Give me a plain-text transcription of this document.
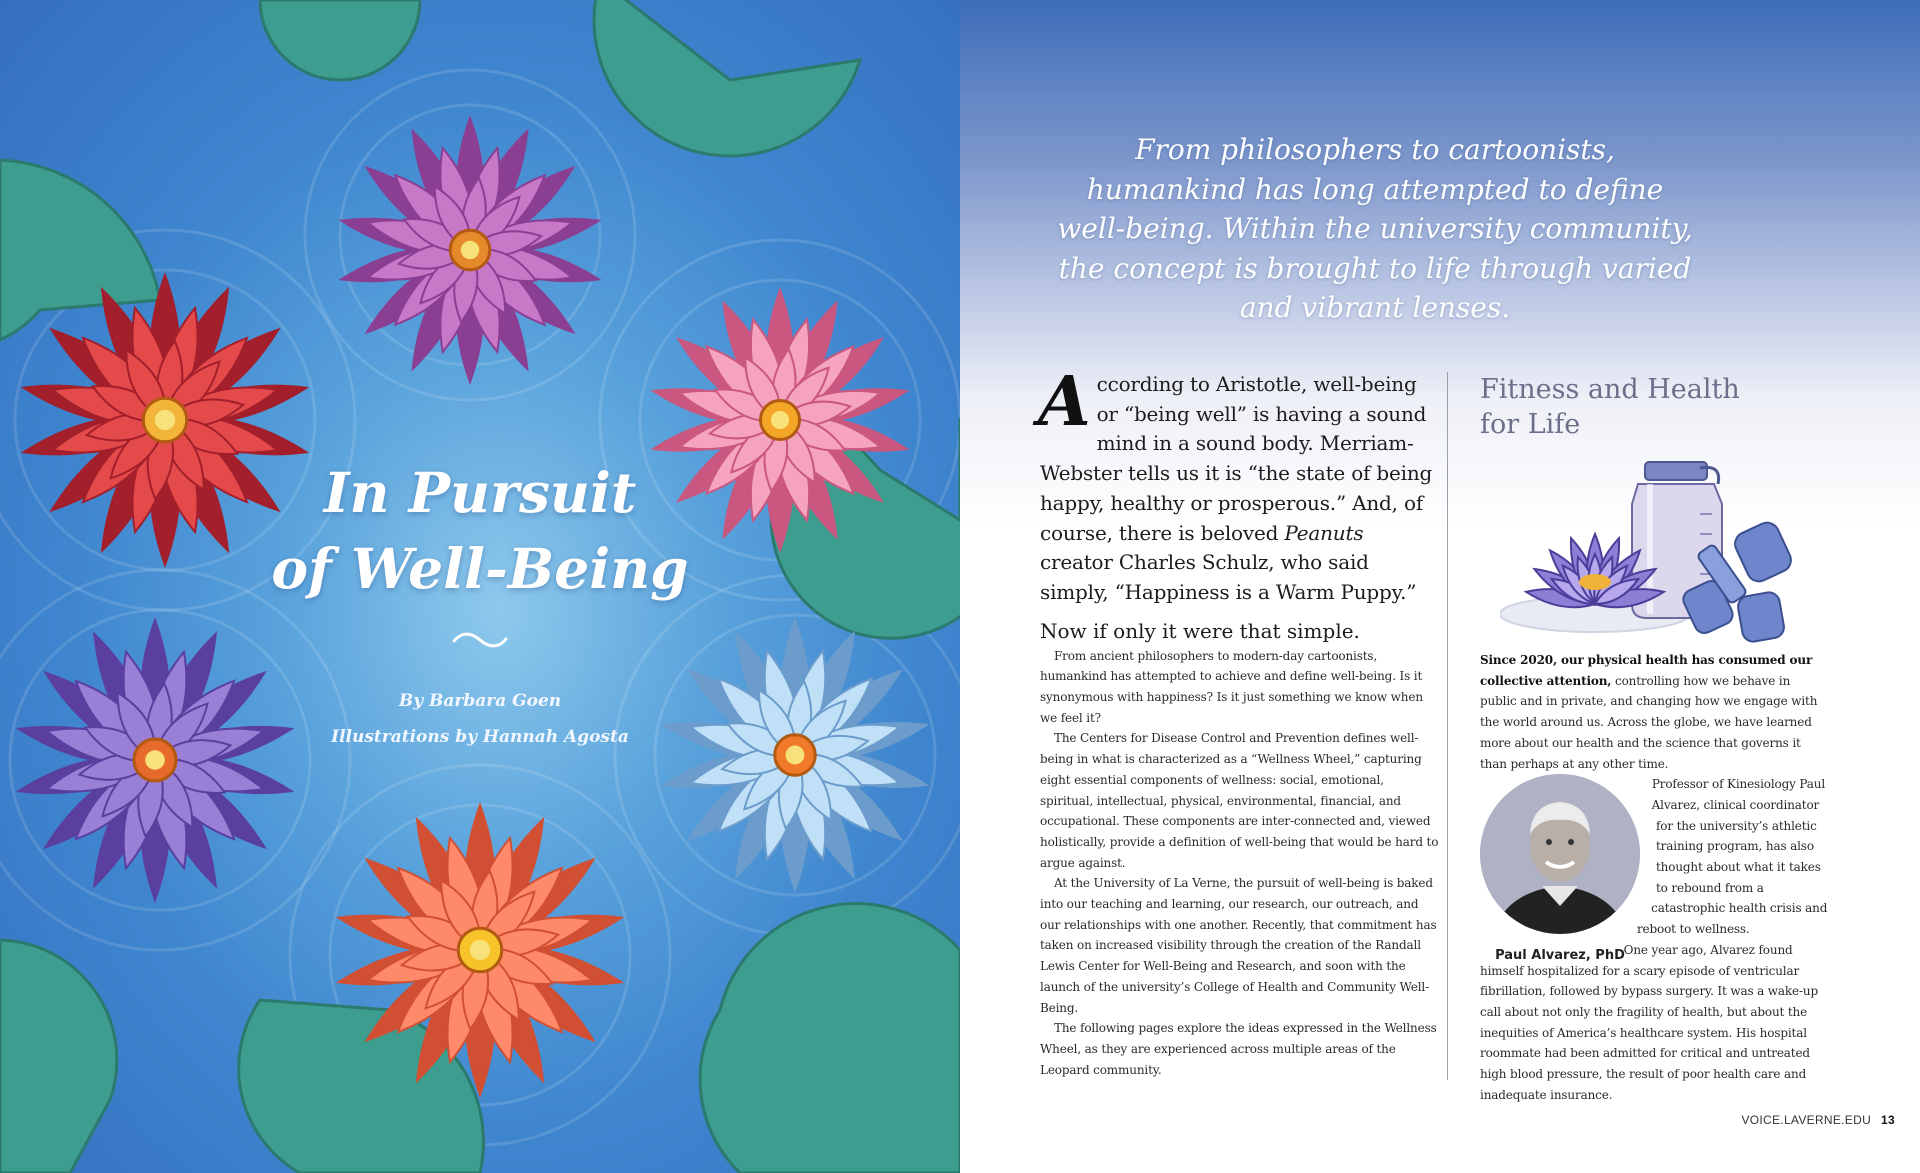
In Pursuit
of Well-Being
By Barbara Goen
Illustrations by Hannah Agosta
From philosophers to cartoonists, humankind has long attempted to define well-being. Within the university community, the concept is brought to life through varied and vibrant lenses.
According to Aristotle, well-being or “being well” is having a sound mind in a sound body. Merriam-Webster tells us it is “the state of being happy, healthy or prosperous.” And, of course, there is beloved Peanuts creator Charles Schulz, who said simply, “Happiness is a Warm Puppy.”
Now if only it were that simple.

From ancient philosophers to modern-day cartoonists, humankind has attempted to achieve and define well-being. Is it synonymous with happiness? Is it just something we know when we feel it?

The Centers for Disease Control and Prevention defines well-being in what is characterized as a “Wellness Wheel,” capturing eight essential components of wellness: social, emotional, spiritual, intellectual, physical, environmental, financial, and occupational. These components are inter-connected and, viewed holistically, provide a definition of well-being that would be hard to argue against.

At the University of La Verne, the pursuit of well-being is baked into our teaching and learning, our research, our outreach, and our relationships with one another. Recently, that commitment has taken on increased visibility through the creation of the Randall Lewis Center for Well-Being and Research, and soon with the launch of the university’s College of Health and Community Well-Being.

The following pages explore the ideas expressed in the Wellness Wheel, as they are experienced across multiple areas of the Leopard community.

Fitness and Health for Life

Since 2020, our physical health has consumed our collective attention, controlling how we behave in public and in private, and changing how we engage with the world around us. Across the globe, we have learned more about our health and the science that governs it than perhaps at any other time.

Paul Alvarez, PhD

Professor of Kinesiology Paul Alvarez, clinical coordinator for the university’s athletic training program, has also thought about what it takes to rebound from a catastrophic health crisis and reboot to wellness.

One year ago, Alvarez found himself hospitalized for a scary episode of ventricular fibrillation, followed by bypass surgery. It was a wake-up call about not only the fragility of health, but about the inequities of America’s healthcare system. His hospital roommate had been admitted for critical and untreated high blood pressure, the result of poor health care and inadequate insurance.

VOICE.LAVERNE.EDU 13
